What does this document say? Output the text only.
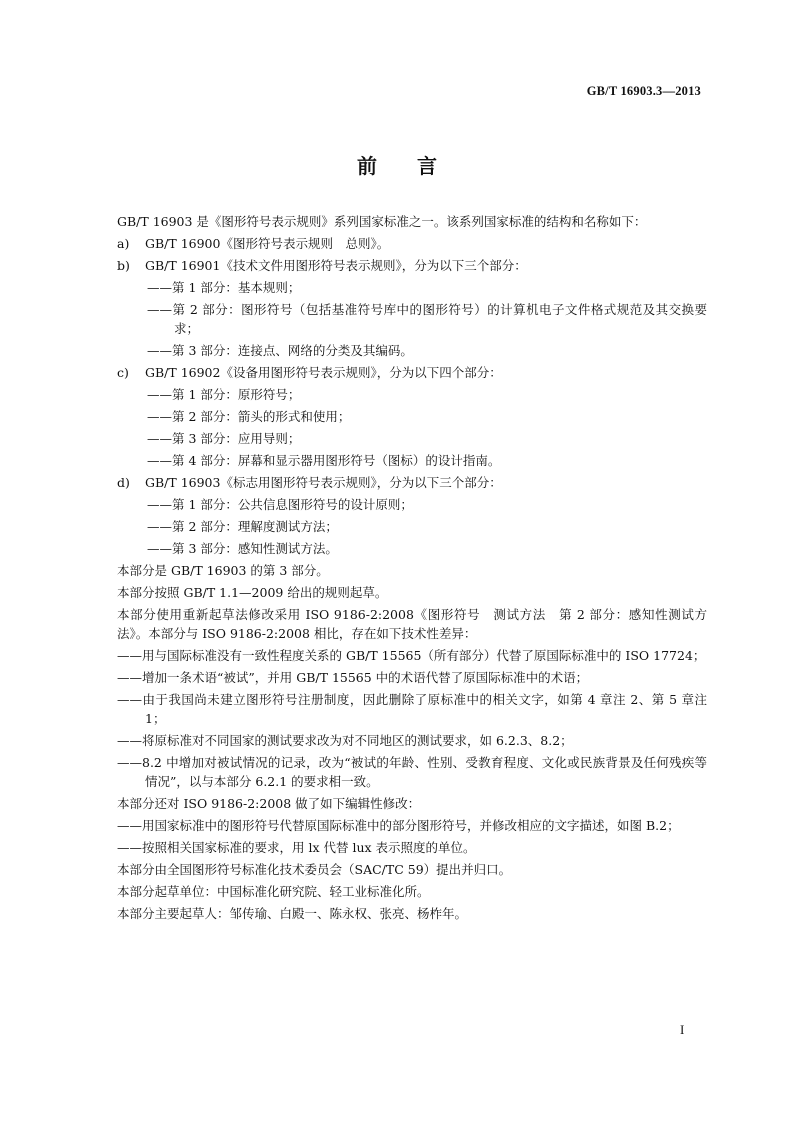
GB/T 16903.3—2013
前言
GB/T 16903 是《图形符号表示规则》系列国家标准之一。该系列国家标准的结构和名称如下：
a) GB/T 16900《图形符号表示规则　总则》。
b) GB/T 16901《技术文件用图形符号表示规则》，分为以下三个部分：
——第 1 部分：基本规则；
——第 2 部分：图形符号（包括基准符号库中的图形符号）的计算机电子文件格式规范及其交换要求；
——第 3 部分：连接点、网络的分类及其编码。
c) GB/T 16902《设备用图形符号表示规则》，分为以下四个部分：
——第 1 部分：原形符号；
——第 2 部分：箭头的形式和使用；
——第 3 部分：应用导则；
——第 4 部分：屏幕和显示器用图形符号（图标）的设计指南。
d) GB/T 16903《标志用图形符号表示规则》，分为以下三个部分：
——第 1 部分：公共信息图形符号的设计原则；
——第 2 部分：理解度测试方法；
——第 3 部分：感知性测试方法。
本部分是 GB/T 16903 的第 3 部分。
本部分按照 GB/T 1.1—2009 给出的规则起草。
本部分使用重新起草法修改采用 ISO 9186-2:2008《图形符号　测试方法　第 2 部分：感知性测试方法》。本部分与 ISO 9186-2:2008 相比，存在如下技术性差异：
——用与国际标准没有一致性程度关系的 GB/T 15565（所有部分）代替了原国际标准中的 ISO 17724；
——增加一条术语“被试”，并用 GB/T 15565 中的术语代替了原国际标准中的术语；
——由于我国尚未建立图形符号注册制度，因此删除了原标准中的相关文字，如第 4 章注 2、第 5 章注 1；
——将原标准对不同国家的测试要求改为对不同地区的测试要求，如 6.2.3、8.2；
——8.2 中增加对被试情况的记录，改为“被试的年龄、性别、受教育程度、文化或民族背景及任何残疾等情况”，以与本部分 6.2.1 的要求相一致。
本部分还对 ISO 9186-2:2008 做了如下编辑性修改：
——用国家标准中的图形符号代替原国际标准中的部分图形符号，并修改相应的文字描述，如图 B.2；
——按照相关国家标准的要求，用 lx 代替 lux 表示照度的单位。
本部分由全国图形符号标准化技术委员会（SAC/TC 59）提出并归口。
本部分起草单位：中国标准化研究院、轻工业标准化所。
本部分主要起草人：邹传瑜、白殿一、陈永权、张亮、杨柞年。
I
